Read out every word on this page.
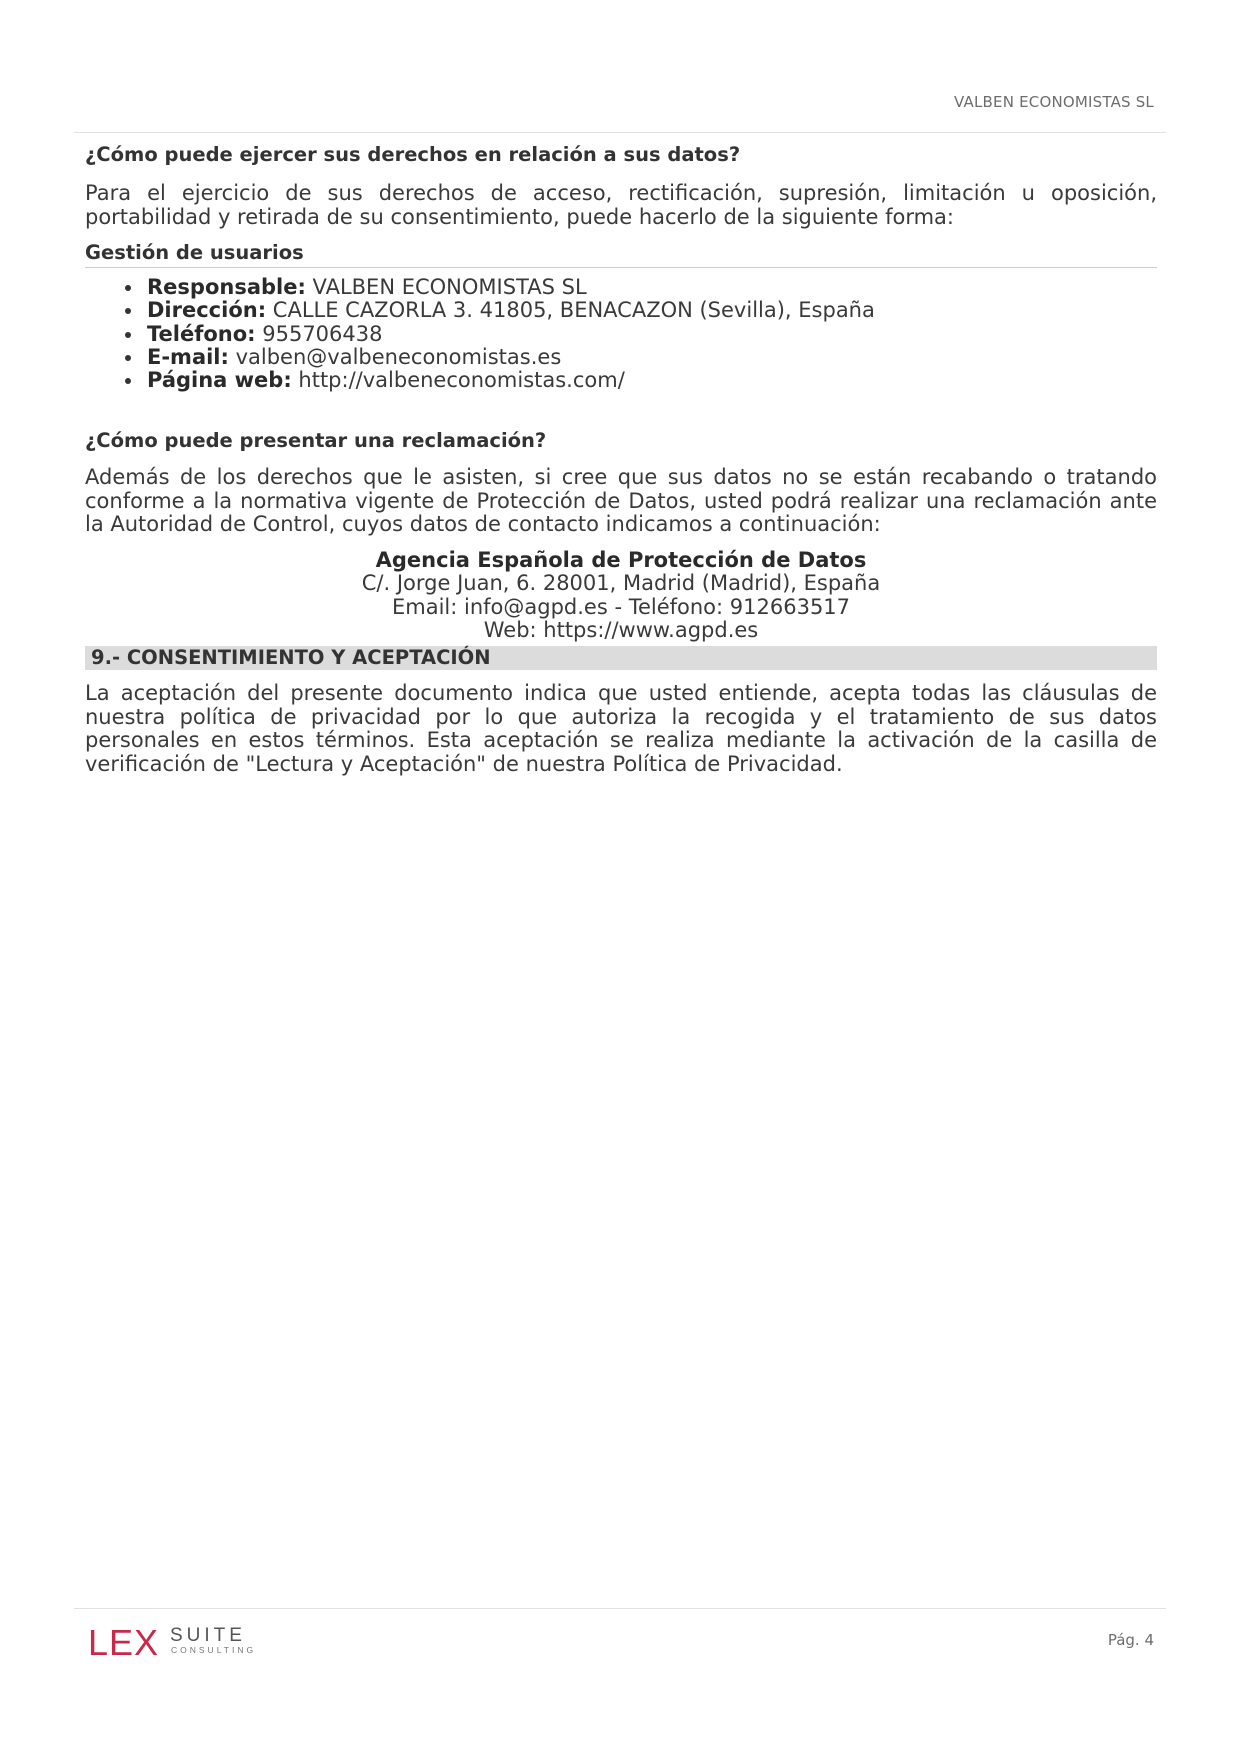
VALBEN ECONOMISTAS SL
¿Cómo puede ejercer sus derechos en relación a sus datos?

Para el ejercicio de sus derechos de acceso, rectificación, supresión, limitación u oposición, portabilidad y retirada de su consentimiento, puede hacerlo de la siguiente forma:

Gestión de usuarios
Responsable: VALBEN ECONOMISTAS SL
Dirección: CALLE CAZORLA 3. 41805, BENACAZON (Sevilla), España
Teléfono: 955706438
E-mail: valben@valbeneconomistas.es
Página web: http://valbeneconomistas.com/
¿Cómo puede presentar una reclamación?

Además de los derechos que le asisten, si cree que sus datos no se están recabando o tratando conforme a la normativa vigente de Protección de Datos, usted podrá realizar una reclamación ante la Autoridad de Control, cuyos datos de contacto indicamos a continuación:

Agencia Española de Protección de Datos
C/. Jorge Juan, 6. 28001, Madrid (Madrid), España
Email: info@agpd.es - Teléfono: 912663517
Web: https://www.agpd.es
9.- CONSENTIMIENTO Y ACEPTACIÓN

La aceptación del presente documento indica que usted entiende, acepta todas las cláusulas de nuestra política de privacidad por lo que autoriza la recogida y el tratamiento de sus datos personales en estos términos. Esta aceptación se realiza mediante la activación de la casilla de verificación de "Lectura y Aceptación" de nuestra Política de Privacidad.

LEX SUITE
CONSULTING
Pág. 4
